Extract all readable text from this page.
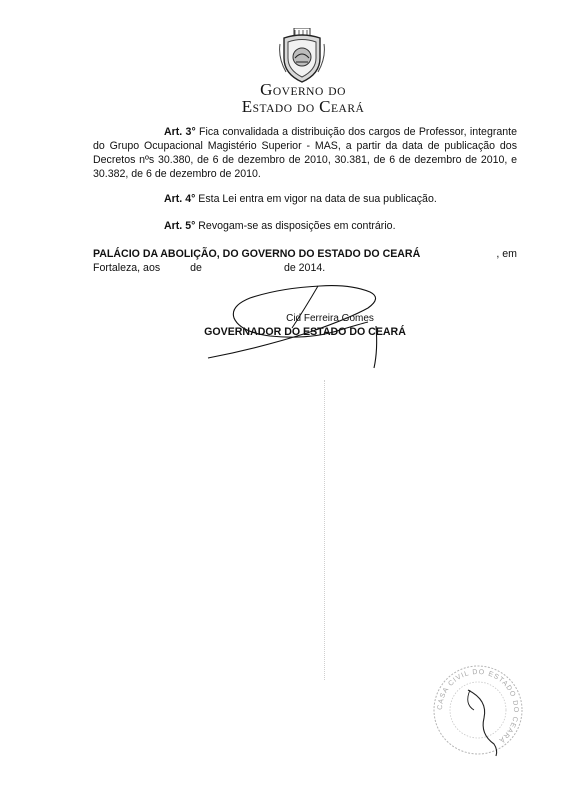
GOVERNO DO
ESTADO DO CEARÁ
Art. 3° Fica convalidada a distribuição dos cargos de Professor, integrante do Grupo Ocupacional Magistério Superior - MAS, a partir da data de publicação dos Decretos nºs 30.380, de 6 de dezembro de 2010, 30.381, de 6 de dezembro de 2010, e 30.382, de 6 de dezembro de 2010.
Art. 4° Esta Lei entra em vigor na data de sua publicação.
Art. 5° Revogam-se as disposições em contrário.
PALÁCIO DA ABOLIÇÃO, DO GOVERNO DO ESTADO DO CEARÁ	, em
Fortaleza, aos	de	de 2014.
Cid Ferreira Gomes
GOVERNADOR DO ESTADO DO CEARÁ
CASA CIVIL DO ESTADO DO CEARÁ
